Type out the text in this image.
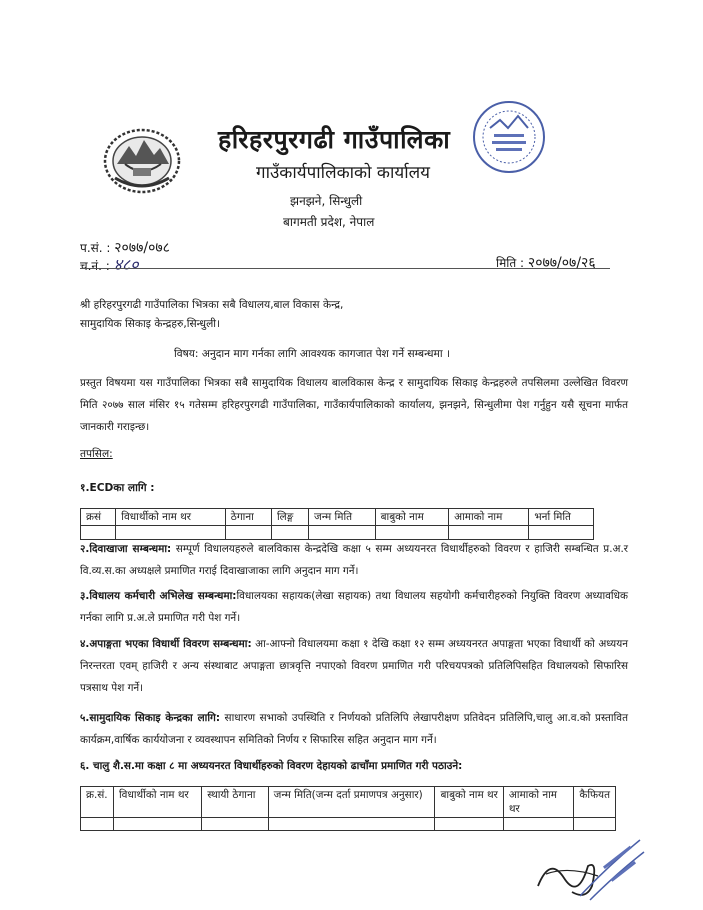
हरिहरपुरगढी गाउँपालिका
गाउँकार्यपालिकाको कार्यालय
झनझने, सिन्धुली
बागमती प्रदेश, नेपाल
प.सं. : २०७७/०७८
च.नं. : ४८०	मिति : २०७७/०७/२६
श्री हरिहरपुरगढी गाउँपालिका भित्रका सबै विधालय,बाल विकास केन्द्र,
सामुदायिक सिकाइ केन्द्रहरु,सिन्धुली।
विषय: अनुदान माग गर्नका लागि आवश्यक कागजात पेश गर्ने सम्बन्धमा ।
प्रस्तुत विषयमा यस गाउँपालिका भित्रका सबै सामुदायिक विधालय बालविकास केन्द्र र सामुदायिक सिकाइ केन्द्रहरुले तपसिलमा उल्लेखित विवरण मिति २०७७ साल मंसिर १५ गतेसम्म हरिहरपुरगढी गाउँपालिका, गाउँकार्यपालिकाको कार्यालय, झनझने, सिन्धुलीमा पेश गर्नुहुन यसै सूचना मार्फत जानकारी गराइन्छ।
तपसिल:
१.ECDका लागि :
क्रसं	विधार्थीको नाम थर	ठेगाना	लिङ्ग	जन्म मिति	बाबुको नाम	आमाको नाम	भर्ना मिति

२.दिवाखाजा सम्बन्धमा: सम्पूर्ण विधालयहरुले बालविकास केन्द्रदेखि कक्षा ५ सम्म अध्ययनरत विधार्थीहरुको विवरण र हाजिरी सम्बन्धित प्र.अ.र वि.व्य.स.का अध्यक्षले प्रमाणित गराई दिवाखाजाका लागि अनुदान माग गर्ने।
३.विधालय कर्मचारी अभिलेख सम्बन्धमा:विधालयका सहायक(लेखा सहायक) तथा विधालय सहयोगी कर्मचारीहरुको नियुक्ति विवरण अध्यावधिक गर्नका लागि प्र.अ.ले प्रमाणित गरी पेश गर्ने।
४.अपाङ्गता भएका विधार्थी विवरण सम्बन्धमा: आ-आफ्नो विधालयमा कक्षा १ देखि कक्षा १२ सम्म अध्ययनरत अपाङ्गता भएका विधार्थी को अध्ययन निरन्तरता एवम् हाजिरी र अन्य संस्थाबाट अपाङ्गता छात्रवृत्ति नपाएको विवरण प्रमाणित गरी परिचयपत्रको प्रतिलिपिसहित विधालयको सिफारिस पत्रसाथ पेश गर्ने।
५.सामुदायिक सिकाइ केन्द्रका लागि: साधारण सभाको उपस्थिति र निर्णयको प्रतिलिपि लेखापरीक्षण प्रतिवेदन प्रतिलिपि,चालु आ.व.को प्रस्तावित कार्यक्रम,वार्षिक कार्ययोजना र व्यवस्थापन समितिको निर्णय र सिफारिस सहित अनुदान माग गर्ने।
६. चालु शै.स.मा कक्षा ८ मा अध्ययनरत विधार्थीहरुको विवरण देहायको ढाचाँमा प्रमाणित गरी पठाउने:
क्र.सं.	विधार्थीको नाम थर	स्थायी ठेगाना	जन्म मिति(जन्म दर्ता प्रमाणपत्र अनुसार)	बाबुको नाम थर	आमाको नाम थर	कैफियत
